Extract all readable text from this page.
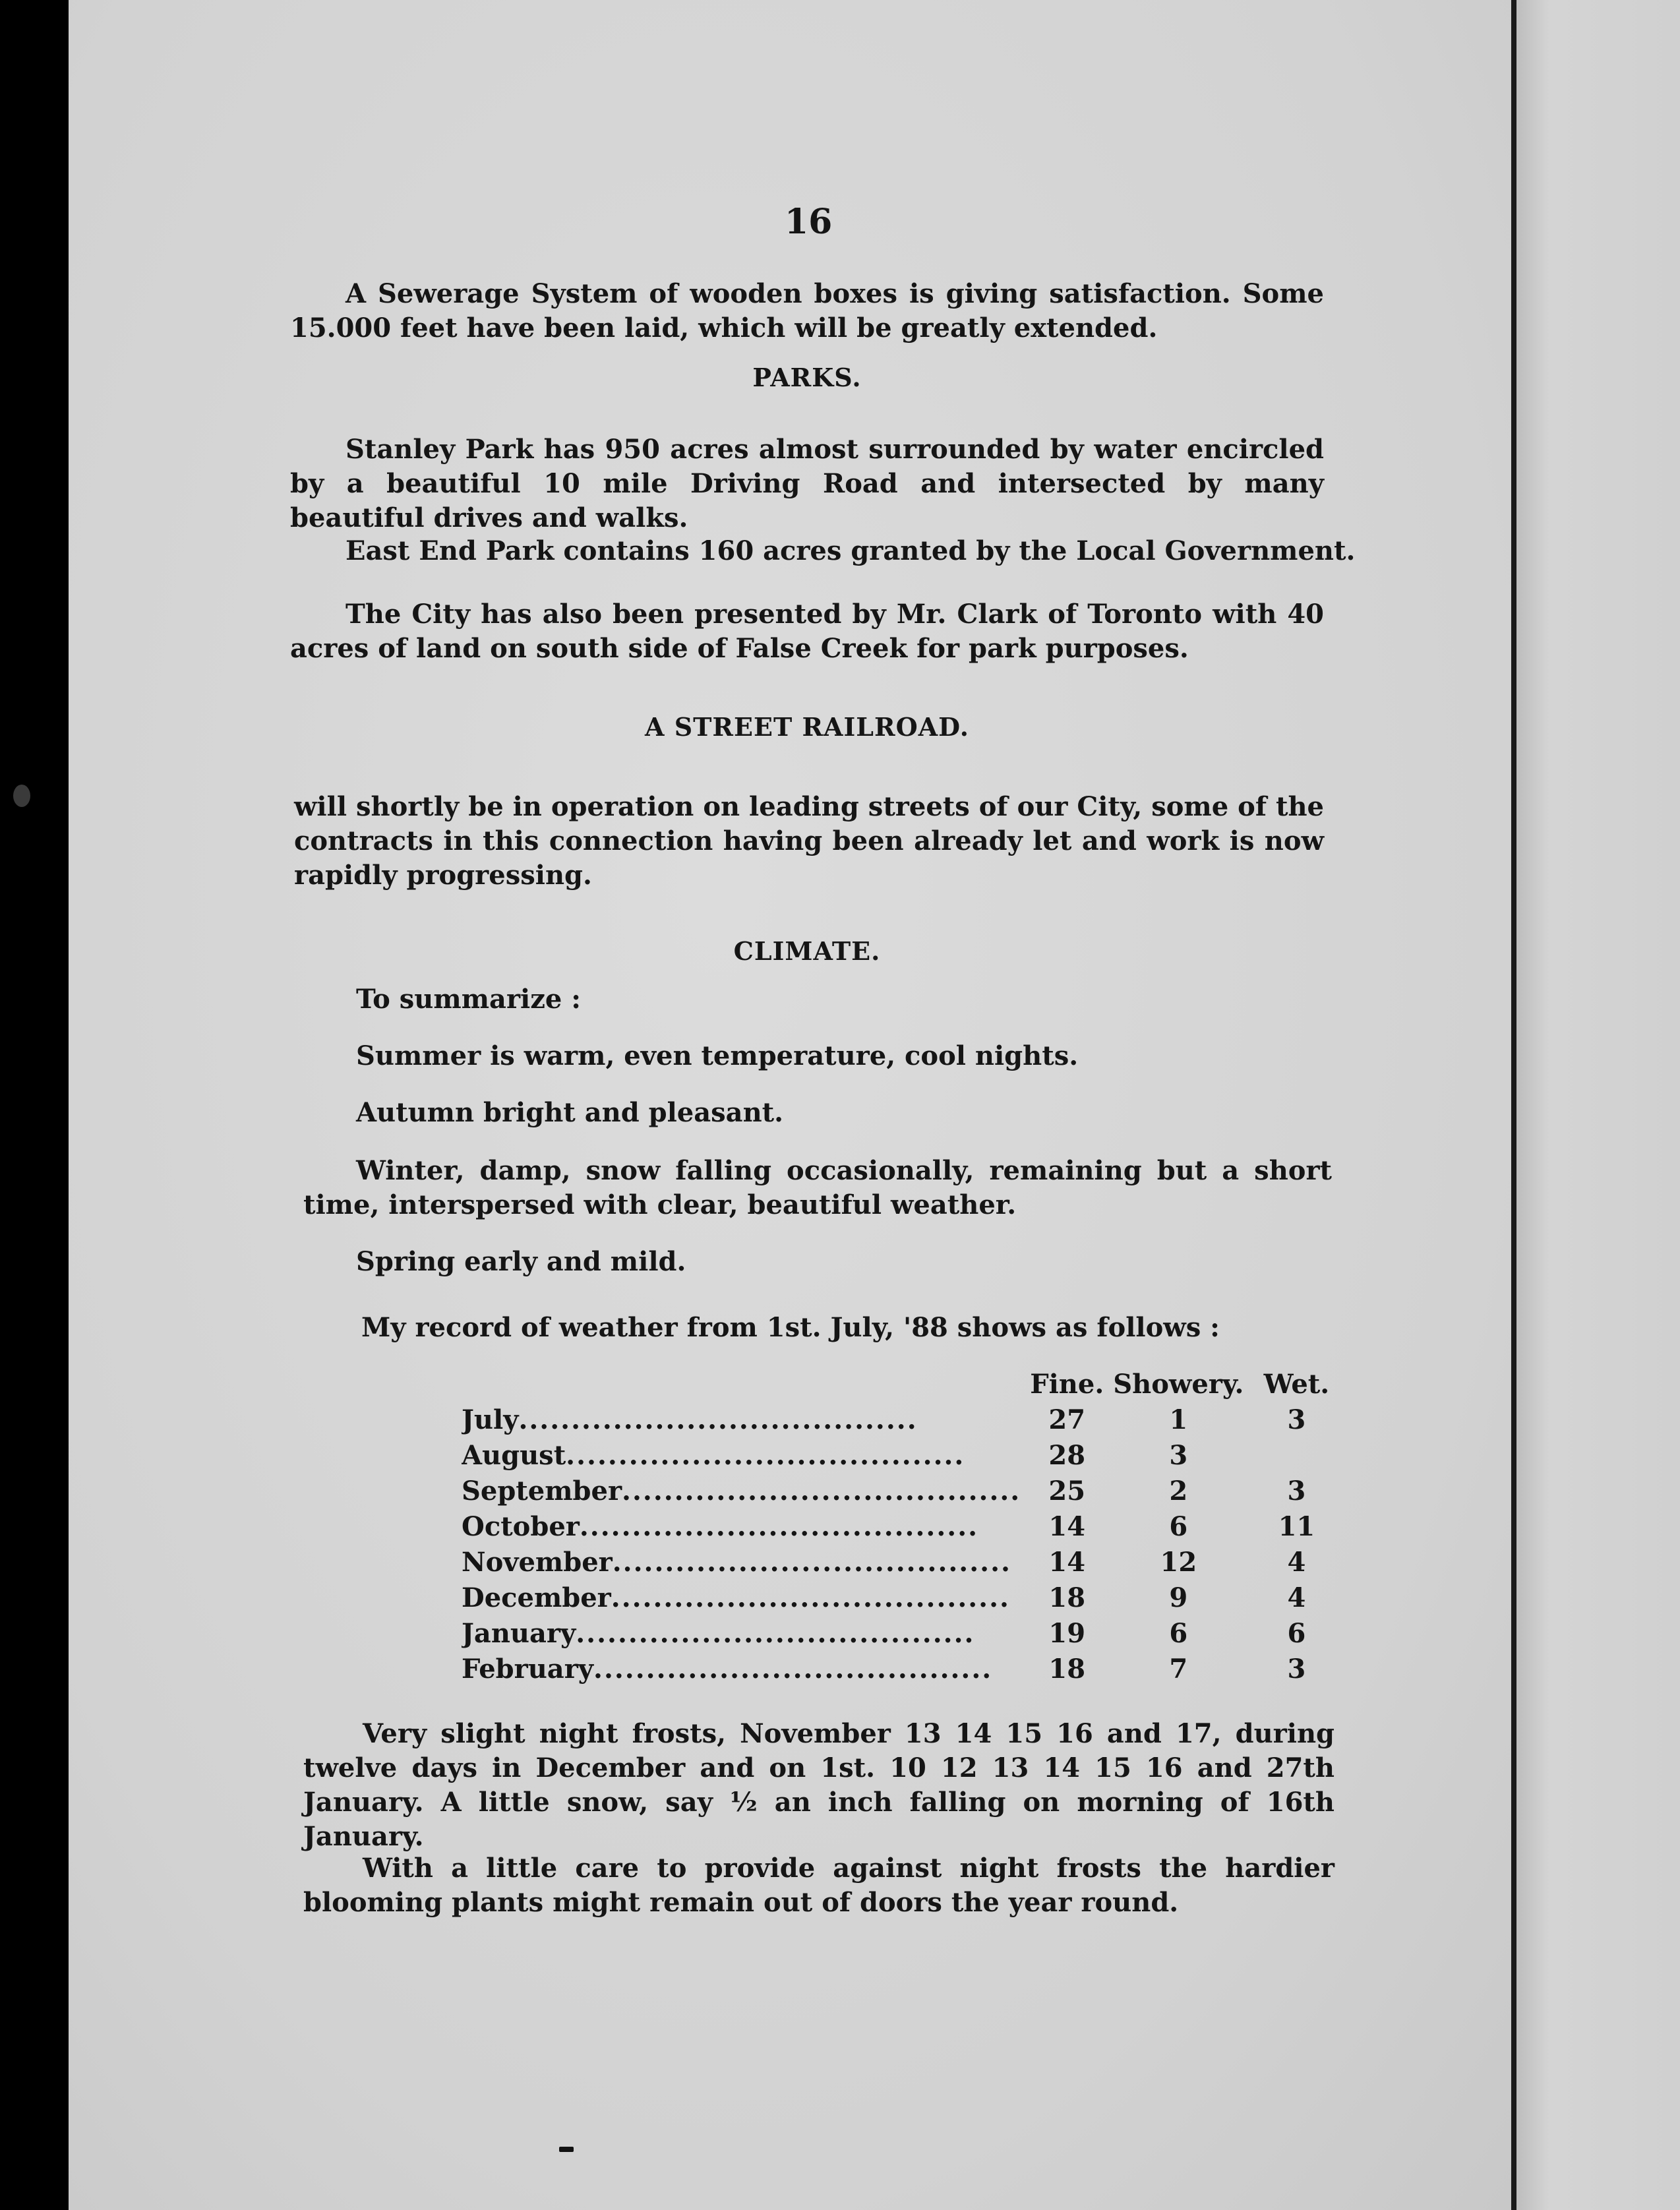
16
A Sewerage System of wooden boxes is giving satisfaction. Some 15.000 feet have been laid, which will be greatly extended.
PARKS.
Stanley Park has 950 acres almost surrounded by water encircled by a beautiful 10 mile Driving Road and intersected by many beautiful drives and walks.
East End Park contains 160 acres granted by the Local Government.
The City has also been presented by Mr. Clark of Toronto with 40 acres of land on south side of False Creek for park purposes.
A STREET RAILROAD.
will shortly be in operation on leading streets of our City, some of the contracts in this connection having been already let and work is now rapidly progressing.
CLIMATE.
To summarize :
Summer is warm, even temperature, cool nights.
Autumn bright and pleasant.
Winter, damp, snow falling occasionally, remaining but a short time, interspersed with clear, beautiful weather.
Spring early and mild.
My record of weather from 1st. July, '88 shows as follows :
	Fine.	Showery.	Wet.
July......................................	27	1	3
August......................................	28	3	
September......................................	25	2	3
October......................................	14	6	11
November......................................	14	12	4
December......................................	18	9	4
January......................................	19	6	6
February......................................	18	7	3
Very slight night frosts, November 13 14 15 16 and 17, during twelve days in December and on 1st. 10 12 13 14 15 16 and 27th January. A little snow, say ½ an inch falling on morning of 16th January.
With a little care to provide against night frosts the hardier blooming plants might remain out of doors the year round.
